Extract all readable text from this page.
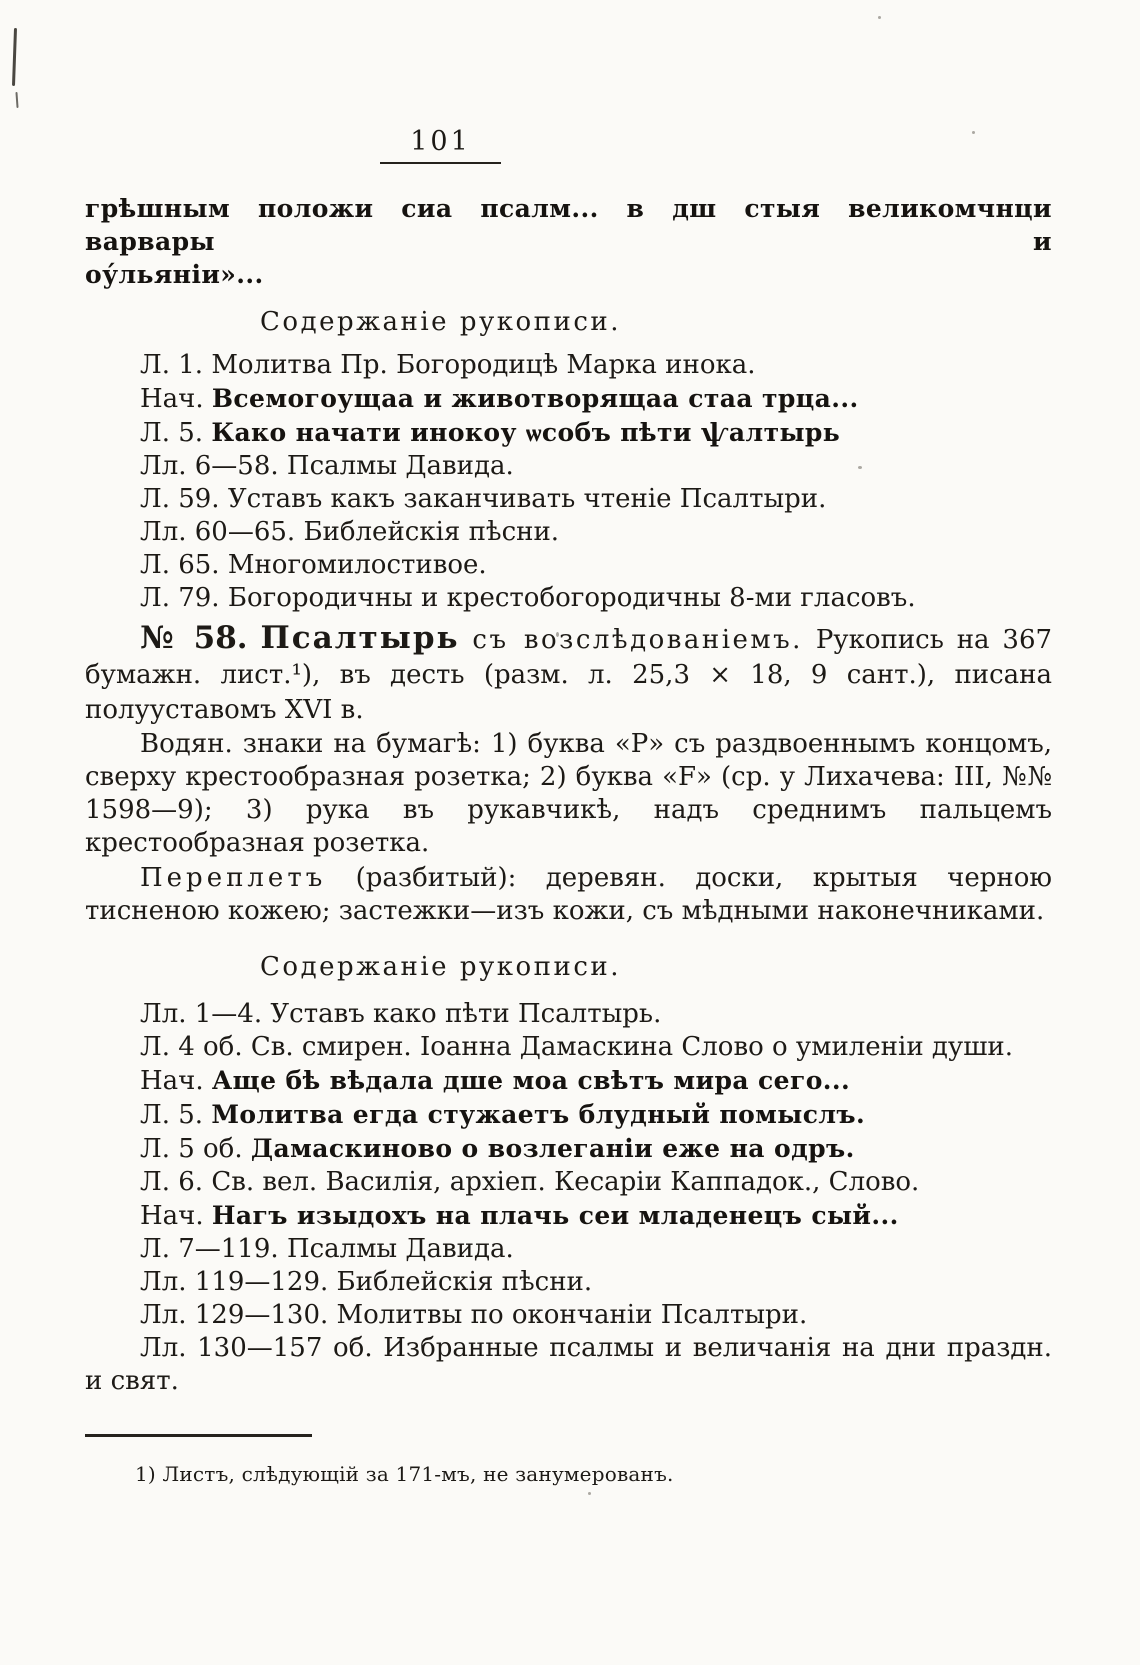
101
грѣшным положи сиа псалм... в дш стыя великомчнци варвары и
оу́льяніи»...
Содержаніе рукописи.
Л. 1. Молитва Пр. Богородицѣ Марка инока.
Нач. Всемогоущаа и животворящаа стаа трца...
Л. 5. Како начати инокоу ѡсобъ пѣти ѱалтырь
Лл. 6—58. Псалмы Давида.
Л. 59. Уставъ какъ заканчивать чтеніе Псалтыри.
Лл. 60—65. Библейскія пѣсни.
Л. 65. Многомилостивое.
Л. 79. Богородичны и крестобогородичны 8-ми гласовъ.

№ 58. Псалтырь съ возслѣдованіемъ. Рукопись на 367 бумажн. лист.¹), въ десть (разм. л. 25,3 × 18, 9 сант.), писана полууставомъ XVI в.

Водян. знаки на бумагѣ: 1) буква «Р» съ раздвоеннымъ концомъ, сверху крестообразная розетка; 2) буква «F» (ср. у Лихачева: III, №№ 1598—9); 3) рука въ рукавчикѣ, надъ среднимъ пальцемъ крестообразная розетка.

Переплетъ (разбитый): деревян. доски, крытыя черною тисненою кожею; застежки—изъ кожи, съ мѣдными наконечниками.

Содержаніе рукописи.
Лл. 1—4. Уставъ како пѣти Псалтырь.
Л. 4 об. Св. смирен. Іоанна Дамаскина Слово о умиленіи души.
Нач. Аще бѣ вѣдала дше моа свѣтъ мира сего...
Л. 5. Молитва егда стужаетъ блудный помыслъ.
Л. 5 об. Дамаскиново о возлеганіи еже на одръ.
Л. 6. Св. вел. Василія, архіеп. Кесаріи Каппадок., Слово.
Нач. Нагъ изыдохъ на плачь сеи младенецъ сый...
Л. 7—119. Псалмы Давида.
Лл. 119—129. Библейскія пѣсни.
Лл. 129—130. Молитвы по окончаніи Псалтыри.
Лл. 130—157 об. Избранные псалмы и величанія на дни праздн. и свят.
1) Листъ, слѣдующій за 171-мъ, не занумерованъ.
